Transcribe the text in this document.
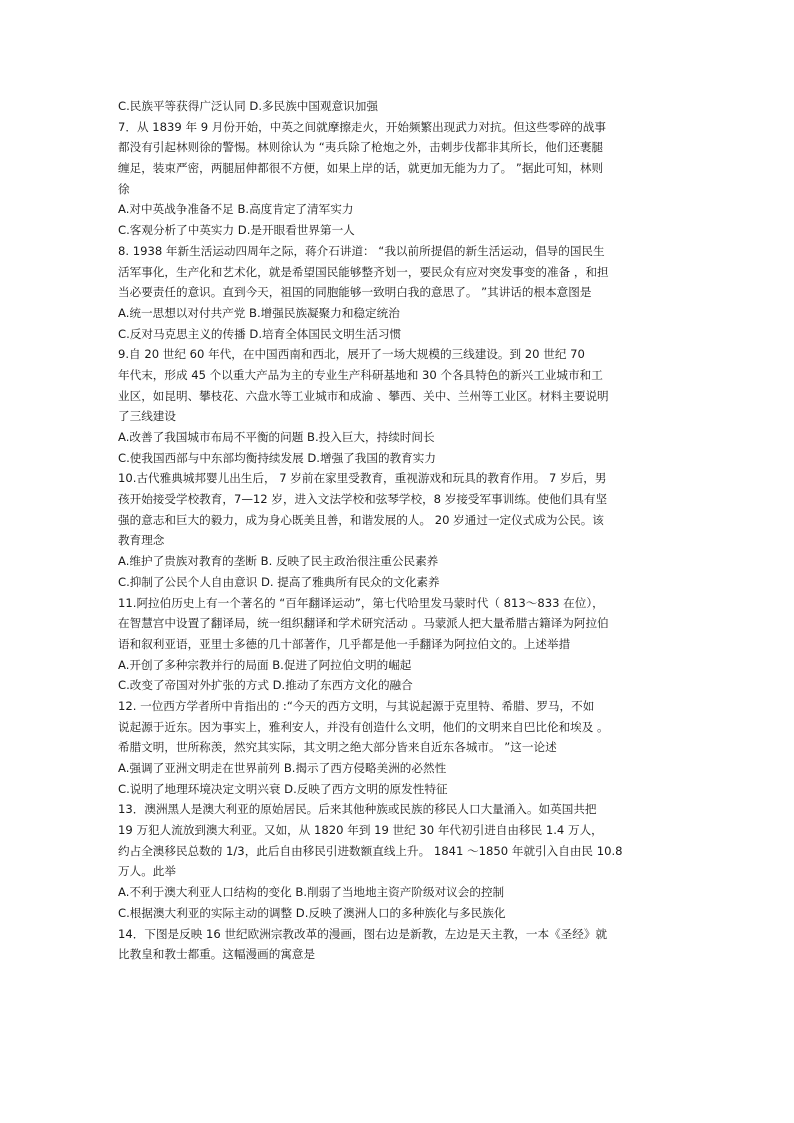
C.民族平等获得广泛认同 D.多民族中国观意识加强
7．从 1839 年 9 月份开始，中英之间就摩擦走火，开始频繁出现武力对抗。但这些零碎的战事
都没有引起林则徐的警惕。林则徐认为 “夷兵除了枪炮之外，击刺步伐都非其所长，他们还裹腿
缠足，装束严密，两腿屈伸都很不方便，如果上岸的话，就更加无能为力了。 ”据此可知，林则
徐
A.对中英战争准备不足 B.高度肯定了清军实力
C.客观分析了中英实力 D.是开眼看世界第一人
8. 1938 年新生活运动四周年之际，蒋介石讲道： “我以前所提倡的新生活运动，倡导的国民生
活军事化，生产化和艺术化，就是希望国民能够整齐划一，要民众有应对突发事变的准备 ，和担
当必要责任的意识。直到今天，祖国的同胞能够一致明白我的意思了。 ”其讲话的根本意图是
A.统一思想以对付共产党 B.增强民族凝聚力和稳定统治
C.反对马克思主义的传播 D.培育全体国民文明生活习惯
9.自 20 世纪 60 年代，在中国西南和西北，展开了一场大规模的三线建设。到 20 世纪 70
年代末，形成 45 个以重大产品为主的专业生产科研基地和 30 个各具特色的新兴工业城市和工
业区，如昆明、攀枝花、六盘水等工业城市和成渝 、攀西、关中、兰州等工业区。材料主要说明
了三线建设
A.改善了我国城市布局不平衡的问题 B.投入巨大，持续时间长
C.使我国西部与中东部均衡持续发展 D.增强了我国的教育实力
10.古代雅典城邦婴儿出生后， 7 岁前在家里受教育，重视游戏和玩具的教育作用。 7 岁后，男
孩开始接受学校教育，7—12 岁，进入文法学校和弦琴学校，8 岁接受军事训练。使他们具有坚
强的意志和巨大的毅力，成为身心既美且善，和谐发展的人。 20 岁通过一定仪式成为公民。该
教育理念
A.维护了贵族对教育的垄断 B. 反映了民主政治很注重公民素养
C.抑制了公民个人自由意识 D. 提高了雅典所有民众的文化素养
11.阿拉伯历史上有一个著名的 “百年翻译运动”，第七代哈里发马蒙时代（ 813～833 在位），
在智慧宫中设置了翻译局，统一组织翻译和学术研究活动 。马蒙派人把大量希腊古籍译为阿拉伯
语和叙利亚语，亚里士多德的几十部著作，几乎都是他一手翻译为阿拉伯文的。上述举措
A.开创了多种宗教并行的局面 B.促进了阿拉伯文明的崛起
C.改变了帝国对外扩张的方式 D.推动了东西方文化的融合
12. 一位西方学者所中肯指出的 :“今天的西方文明，与其说起源于克里特、希腊、罗马，不如
说起源于近东。因为事实上，雅利安人，并没有创造什么文明，他们的文明来自巴比伦和埃及 。
希腊文明，世所称羡，然究其实际，其文明之绝大部分皆来自近东各城市。 ”这一论述
A.强调了亚洲文明走在世界前列 B.揭示了西方侵略美洲的必然性
C.说明了地理环境决定文明兴衰 D.反映了西方文明的原发性特征
13．澳洲黑人是澳大利亚的原始居民。后来其他种族或民族的移民人口大量涌入。如英国共把
19 万犯人流放到澳大利亚。又如，从 1820 年到 19 世纪 30 年代初引进自由移民 1.4 万人，
约占全澳移民总数的 1/3，此后自由移民引进数额直线上升。 1841 ～1850 年就引入自由民 10.8
万人。此举
A.不利于澳大利亚人口结构的变化 B.削弱了当地地主资产阶级对议会的控制
C.根据澳大利亚的实际主动的调整 D.反映了澳洲人口的多种族化与多民族化
14．下图是反映 16 世纪欧洲宗教改革的漫画，图右边是新教，左边是天主教，一本《圣经》就
比教皇和教士都重。这幅漫画的寓意是
